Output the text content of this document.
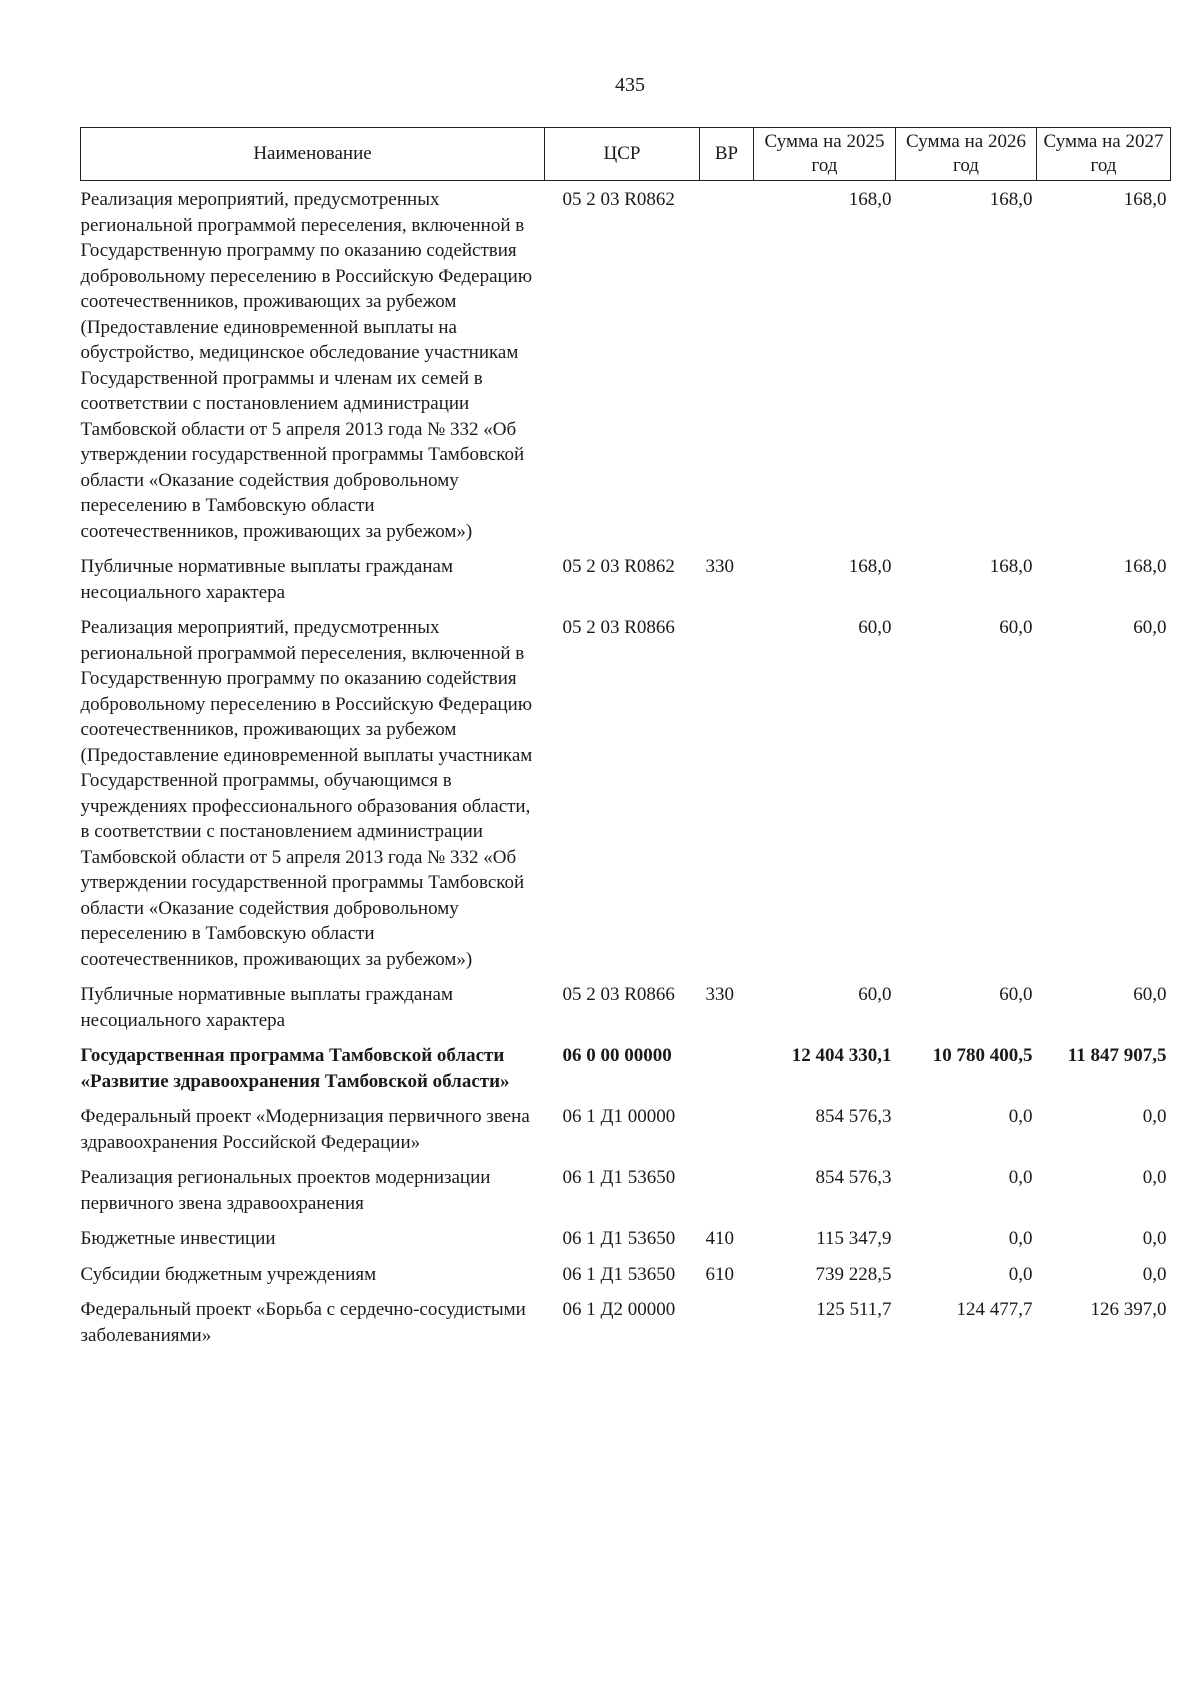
435
Наименование	ЦСР	ВР	Сумма на 2025 год	Сумма на 2026 год	Сумма на 2027 год
Реализация мероприятий, предусмотренных региональной программой переселения, включенной в Государственную программу по оказанию содействия добровольному переселению в Российскую Федерацию соотечественников, проживающих за рубежом (Предоставление единовременной выплаты на обустройство, медицинское обследование участникам Государственной программы и членам их семей в соответствии с постановлением администрации Тамбовской области от 5 апреля 2013 года № 332 «Об утверждении государственной программы Тамбовской области «Оказание содействия добровольному переселению в Тамбовскую области соотечественников, проживающих за рубежом»)	05 2 03 R0862		168,0	168,0	168,0
Публичные нормативные выплаты гражданам несоциального характера	05 2 03 R0862	330	168,0	168,0	168,0
Реализация мероприятий, предусмотренных региональной программой переселения, включенной в Государственную программу по оказанию содействия добровольному переселению в Российскую Федерацию соотечественников, проживающих за рубежом (Предоставление единовременной выплаты участникам Государственной программы, обучающимся в учреждениях профессионального образования области, в соответствии с постановлением администрации Тамбовской области от 5 апреля 2013 года № 332 «Об утверждении государственной программы Тамбовской области «Оказание содействия добровольному переселению в Тамбовскую области соотечественников, проживающих за рубежом»)	05 2 03 R0866		60,0	60,0	60,0
Публичные нормативные выплаты гражданам несоциального характера	05 2 03 R0866	330	60,0	60,0	60,0
Государственная программа Тамбовской области «Развитие здравоохранения Тамбовской области»	06 0 00 00000		12 404 330,1	10 780 400,5	11 847 907,5
Федеральный проект «Модернизация первичного звена здравоохранения Российской Федерации»	06 1 Д1 00000		854 576,3	0,0	0,0
Реализация региональных проектов модернизации первичного звена здравоохранения	06 1 Д1 53650		854 576,3	0,0	0,0
Бюджетные инвестиции	06 1 Д1 53650	410	115 347,9	0,0	0,0
Субсидии бюджетным учреждениям	06 1 Д1 53650	610	739 228,5	0,0	0,0
Федеральный проект «Борьба с сердечно-сосудистыми заболеваниями»	06 1 Д2 00000		125 511,7	124 477,7	126 397,0
